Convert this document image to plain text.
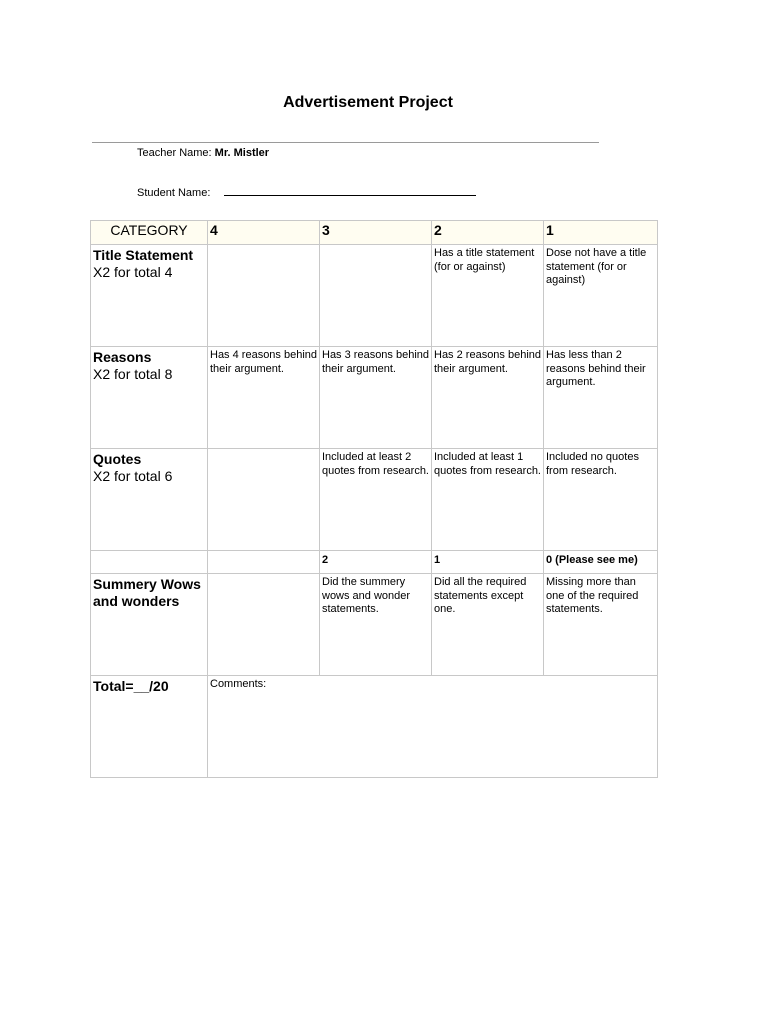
Advertisement Project
Teacher Name: Mr. Mistler
Student Name:
CATEGORY	4	3	2	1

Title Statement
X2 for total 4			Has a title statement (for or against)	Dose not have a title statement (for or against)

Reasons
X2 for total 8	Has 4 reasons behind their argument.	Has 3 reasons behind their argument.	Has 2 reasons behind their argument.	Has less than 2 reasons behind their argument.

Quotes
X2 for total 6		Included at least 2 quotes from research.	Included at least 1 quotes from research.	Included no quotes from research.
		2	1	0 (Please see me)

Summery Wows and wonders		Did the summery wows and wonder statements.	Did all the required statements except one.	Missing more than one of the required statements.

Total=__/20	Comments:			
